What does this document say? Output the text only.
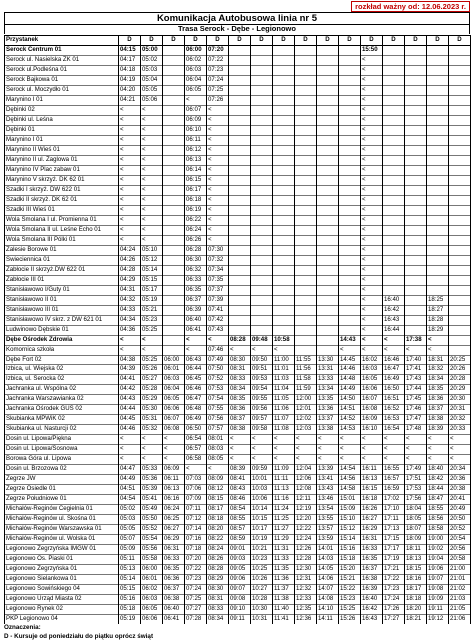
rozkład ważny od: 12.06.2023 r.
Komunikacja Autobusowa linia nr 5
Trasa Serock - Dębe - Legionowo
Przystanek	D	D	D	D	D	D	D	D	D	D	D	D	D	D	D	D
Serock Centrum 01	04:15	05:00		06:00	07:20							15:50				
Serock ul. Nasielska ZK 01	04:17	05:02		06:02	07:22							<				
Serock ul.Podleśna 01	04:18	05:03		06:03	07:23							<				
Serock Bajkowa 01	04:19	05:04		06:04	07:24							<				
Serock ul. Moczydło 01	04:20	05:05		06:05	07:25							<				
Marynino I 01	04:21	05:06		<	07:26							<				
Dębinki 02	<	<		06:07	<							<				
Dębinki ul. Leśna	<	<		06:09	<							<				
Dębinki 01	<	<		06:10	<							<				
Marynino I 01	<	<		06:11	<							<				
Marynino II Wieś 01	<	<		06:12	<							<				
Marynino II ul. Żaglowa 01	<	<		06:13	<							<				
Marynino IV Plac zabaw 01	<	<		06:14	<							<				
Marynino V skrzyż. DK 62 01	<	<		06:15	<							<				
Szadki I skrzyż. DW 622 01	<	<		06:17	<							<				
Szadki II skrzyż. DK 62 01	<	<		06:18	<							<				
Szadki III Wieś 01	<	<		06:19	<							<				
Wola Smolana I ul. Promienna 01	<	<		06:22	<							<				
Wola Smolana II ul. Leśne Echo 01	<	<		06:24	<							<				
Wola Smolana III Pólki 01	<	<		06:26	<							<				
Zalesie Borowe 01	04:24	05:10		06:28	07:30							<				
Świeciennica 01	04:26	05:12		06:30	07:32							<				
Zabłocie II skrzyż.DW 622 01	04:28	05:14		06:32	07:34							<				
Zabłocie III 01	04:29	05:15		06:33	07:35							<				
Stanisławowo I/Guty 01	04:31	05:17		06:35	07:37							<				
Stanisławowo II 01	04:32	05:19		06:37	07:39							<	16:40		18:25	
Stanisławowo III 01	04:33	05:21		06:39	07:41							<	16:42		18:27	
Stanisławowo IV skrz. z DW 621 01	04:34	05:23		06:40	07:42							<	16:43		18:28	
Ludwinowo Dębskie 01	04:36	05:25		06:41	07:43							<	16:44		18:29	
Dębe Ośrodek Zdrowia	<	<		<	<	08:28	09:48	10:58			14:43	<	<	17:38	<	
Komornica szkoła	<	<		<	07:46	<	<	<			<	<	<	<	<	
Dębe Fort 02	04:38	05:25	06:00	06:43	07:49	08:30	09:50	11:00	11:55	13:30	14:45	16:02	16:46	17:40	18:31	20:25
Izbica, ul. Wiejska 02	04:39	05:26	06:01	06:44	07:50	08:31	09:51	11:01	11:56	13:31	14:46	16:03	16:47	17:41	18:32	20:26
Izbica, ul. Serocka 02	04:41	05:27	06:03	06:45	07:52	08:33	09:53	11:03	11:58	13:33	14:48	16:05	16:49	17:43	18:34	20:28
Jachranka ul. Wspólna 02	04:42	05:28	06:04	06:46	07:53	08:34	09:54	11:04	11:59	13:34	14:49	16:06	16:50	17:44	18:35	20:29
Jachranka Warszawianka 02	04:43	05:29	06:05	06:47	07:54	08:35	09:55	11:05	12:00	13:35	14:50	16:07	16:51	17:45	18:36	20:30
Jachranka Ośrodek GUS 02	04:44	05:30	06:06	06:48	07:55	08:36	09:56	11:06	12:01	13:36	14:51	16:08	16:52	17:46	18:37	20:31
Skubianka MPWiK 02	04:45	05:31	06:07	06:49	07:56	08:37	09:57	11:07	12:02	13:37	14:52	16:09	16:53	17:47	18:38	20:32
Skubianka ul. Nasturcji 02	04:46	05:32	06:08	06:50	07:57	08:38	09:58	11:08	12:03	13:38	14:53	16:10	16:54	17:48	18:39	20:33
Dosin ul. Lipowa/Piękna	<	<	<	06:54	08:01	<	<	<	<	<	<	<	<	<	<	<
Dosin ul. Lipowa/Sosnowa	<	<	<	06:57	08:03	<	<	<	<	<	<	<	<	<	<	<
Borowa Góra ul. Lipowa	<	<	<	06:58	08:05	<	<	<	<	<	<	<	<	<	<	<
Dosin ul. Brzozowa 02	04:47	05:33	06:09	<	<	08:39	09:59	11:09	12:04	13:39	14:54	16:11	16:55	17:49	18:40	20:34
Zegrze JW	04:49	05:36	06:11	07:03	08:09	08:41	10:01	11:11	12:06	13:41	14:56	16:13	16:57	17:51	18:42	20:36
Zegrze Osiedle 01	04:51	05:39	06:13	07:06	08:12	08:43	10:03	11:13	12:08	13:43	14:58	16:15	16:59	17:53	18:44	20:38
Zegrze Południowe 01	04:54	05:41	06:16	07:09	08:15	08:46	10:06	11:16	12:11	13:46	15:01	16:18	17:02	17:56	18:47	20:41
Michałów-Reginów Cegielnia 01	05:02	05:49	06:24	07:11	08:17	08:54	10:14	11:24	12:19	13:54	15:09	16:26	17:10	18:04	18:55	20:49
Michałów-Reginów ul. Skośna 01	05:03	05:50	06:25	07:12	08:18	08:55	10:15	11:25	12:20	13:55	15:10	16:27	17:11	18:05	18:56	20:50
Michałów-Reginów Warszawska 01	05:05	05:52	06:27	07:14	08:20	08:57	10:17	11:27	12:22	13:57	15:12	16:29	17:13	18:07	18:58	20:52
Michałów-Reginów ul. Wolska 01	05:07	05:54	06:29	07:16	08:22	08:59	10:19	11:29	12:24	13:59	15:14	16:31	17:15	18:09	19:00	20:54
Legionowo Zegrzyńska IMGW 01	05:09	05:56	06:31	07:18	08:24	09:01	10:21	11:31	12:26	14:01	15:16	16:33	17:17	18:11	19:02	20:56
Legionowo Os. Piaski 01	05:11	05:58	06:33	07:20	08:26	09:03	10:23	11:33	12:28	14:03	15:18	16:35	17:19	18:13	19:04	20:58
Legionowo Zegrzyńska 01	05:13	06:00	06:35	07:22	08:28	09:05	10:25	11:35	12:30	14:05	15:20	16:37	17:21	18:15	19:06	21:00
Legionowo Sielankowa 01	05:14	06:01	06:36	07:23	08:29	09:06	10:26	11:36	12:31	14:06	15:21	16:38	17:22	18:16	19:07	21:01
Legionowo Sowińskiego 04	05:15	06:02	06:37	07:24	08:30	09:07	10:27	11:37	12:32	14:07	15:22	16:39	17:23	18:17	19:08	21:02
Legionowo Urząd Miasta 02	05:16	06:03	06:38	07:25	08:31	09:08	10:28	11:38	12:33	14:08	15:23	16:40	17:24	18:18	19:09	21:03
Legionowo Rynek 02	05:18	06:05	06:40	07:27	08:33	09:10	10:30	11:40	12:35	14:10	15:25	16:42	17:26	18:20	19:11	21:05
PKP Legionowo 04	05:19	06:06	06:41	07:28	08:34	09:11	10:31	11:41	12:36	14:11	15:26	16:43	17:27	18:21	19:12	21:06
Oznaczenia:
D - Kursuje od poniedziału do piątku oprócz świąt
